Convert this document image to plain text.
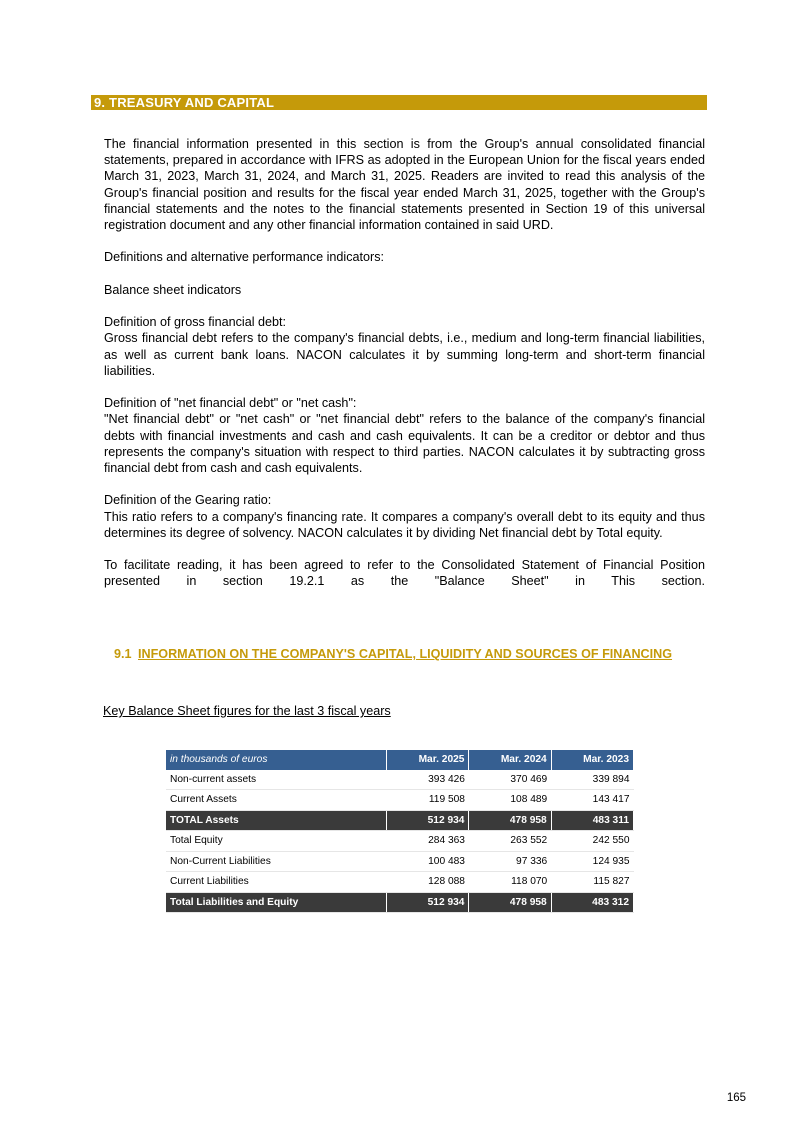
9. TREASURY AND CAPITAL

The financial information presented in this section is from the Group's annual consolidated financial statements, prepared in accordance with IFRS as adopted in the European Union for the fiscal years ended March 31, 2023, March 31, 2024, and March 31, 2025. Readers are invited to read this analysis of the Group's financial position and results for the fiscal year ended March 31, 2025, together with the Group's financial statements and the notes to the financial statements presented in Section 19 of this universal registration document and any other financial information contained in said URD.

Definitions and alternative performance indicators:

Balance sheet indicators

Definition of gross financial debt:

Gross financial debt refers to the company's financial debts, i.e., medium and long-term financial liabilities, as well as current bank loans. NACON calculates it by summing long-term and short-term financial liabilities.

Definition of "net financial debt" or "net cash":

"Net financial debt" or "net cash" or "net financial debt" refers to the balance of the company's financial debts with financial investments and cash and cash equivalents. It can be a creditor or debtor and thus represents the company's situation with respect to third parties. NACON calculates it by subtracting gross financial debt from cash and cash equivalents.

Definition of the Gearing ratio:

This ratio refers to a company's financing rate. It compares a company's overall debt to its equity and thus determines its degree of solvency. NACON calculates it by dividing Net financial debt by Total equity.

To facilitate reading, it has been agreed to refer to the Consolidated Statement of Financial Position presented in section 19.2.1 as the "Balance Sheet" in This section.

9.1 INFORMATION ON THE COMPANY'S CAPITAL, LIQUIDITY AND SOURCES OF FINANCING
Key Balance Sheet figures for the last 3 fiscal years
in thousands of euros	Mar. 2025	Mar. 2024	Mar. 2023
Non-current assets	393 426	370 469	339 894
Current Assets	119 508	108 489	143 417
TOTAL Assets	512 934	478 958	483 311
Total Equity	284 363	263 552	242 550
Non-Current Liabilities	100 483	97 336	124 935
Current Liabilities	128 088	118 070	115 827
Total Liabilities and Equity	512 934	478 958	483 312
165
